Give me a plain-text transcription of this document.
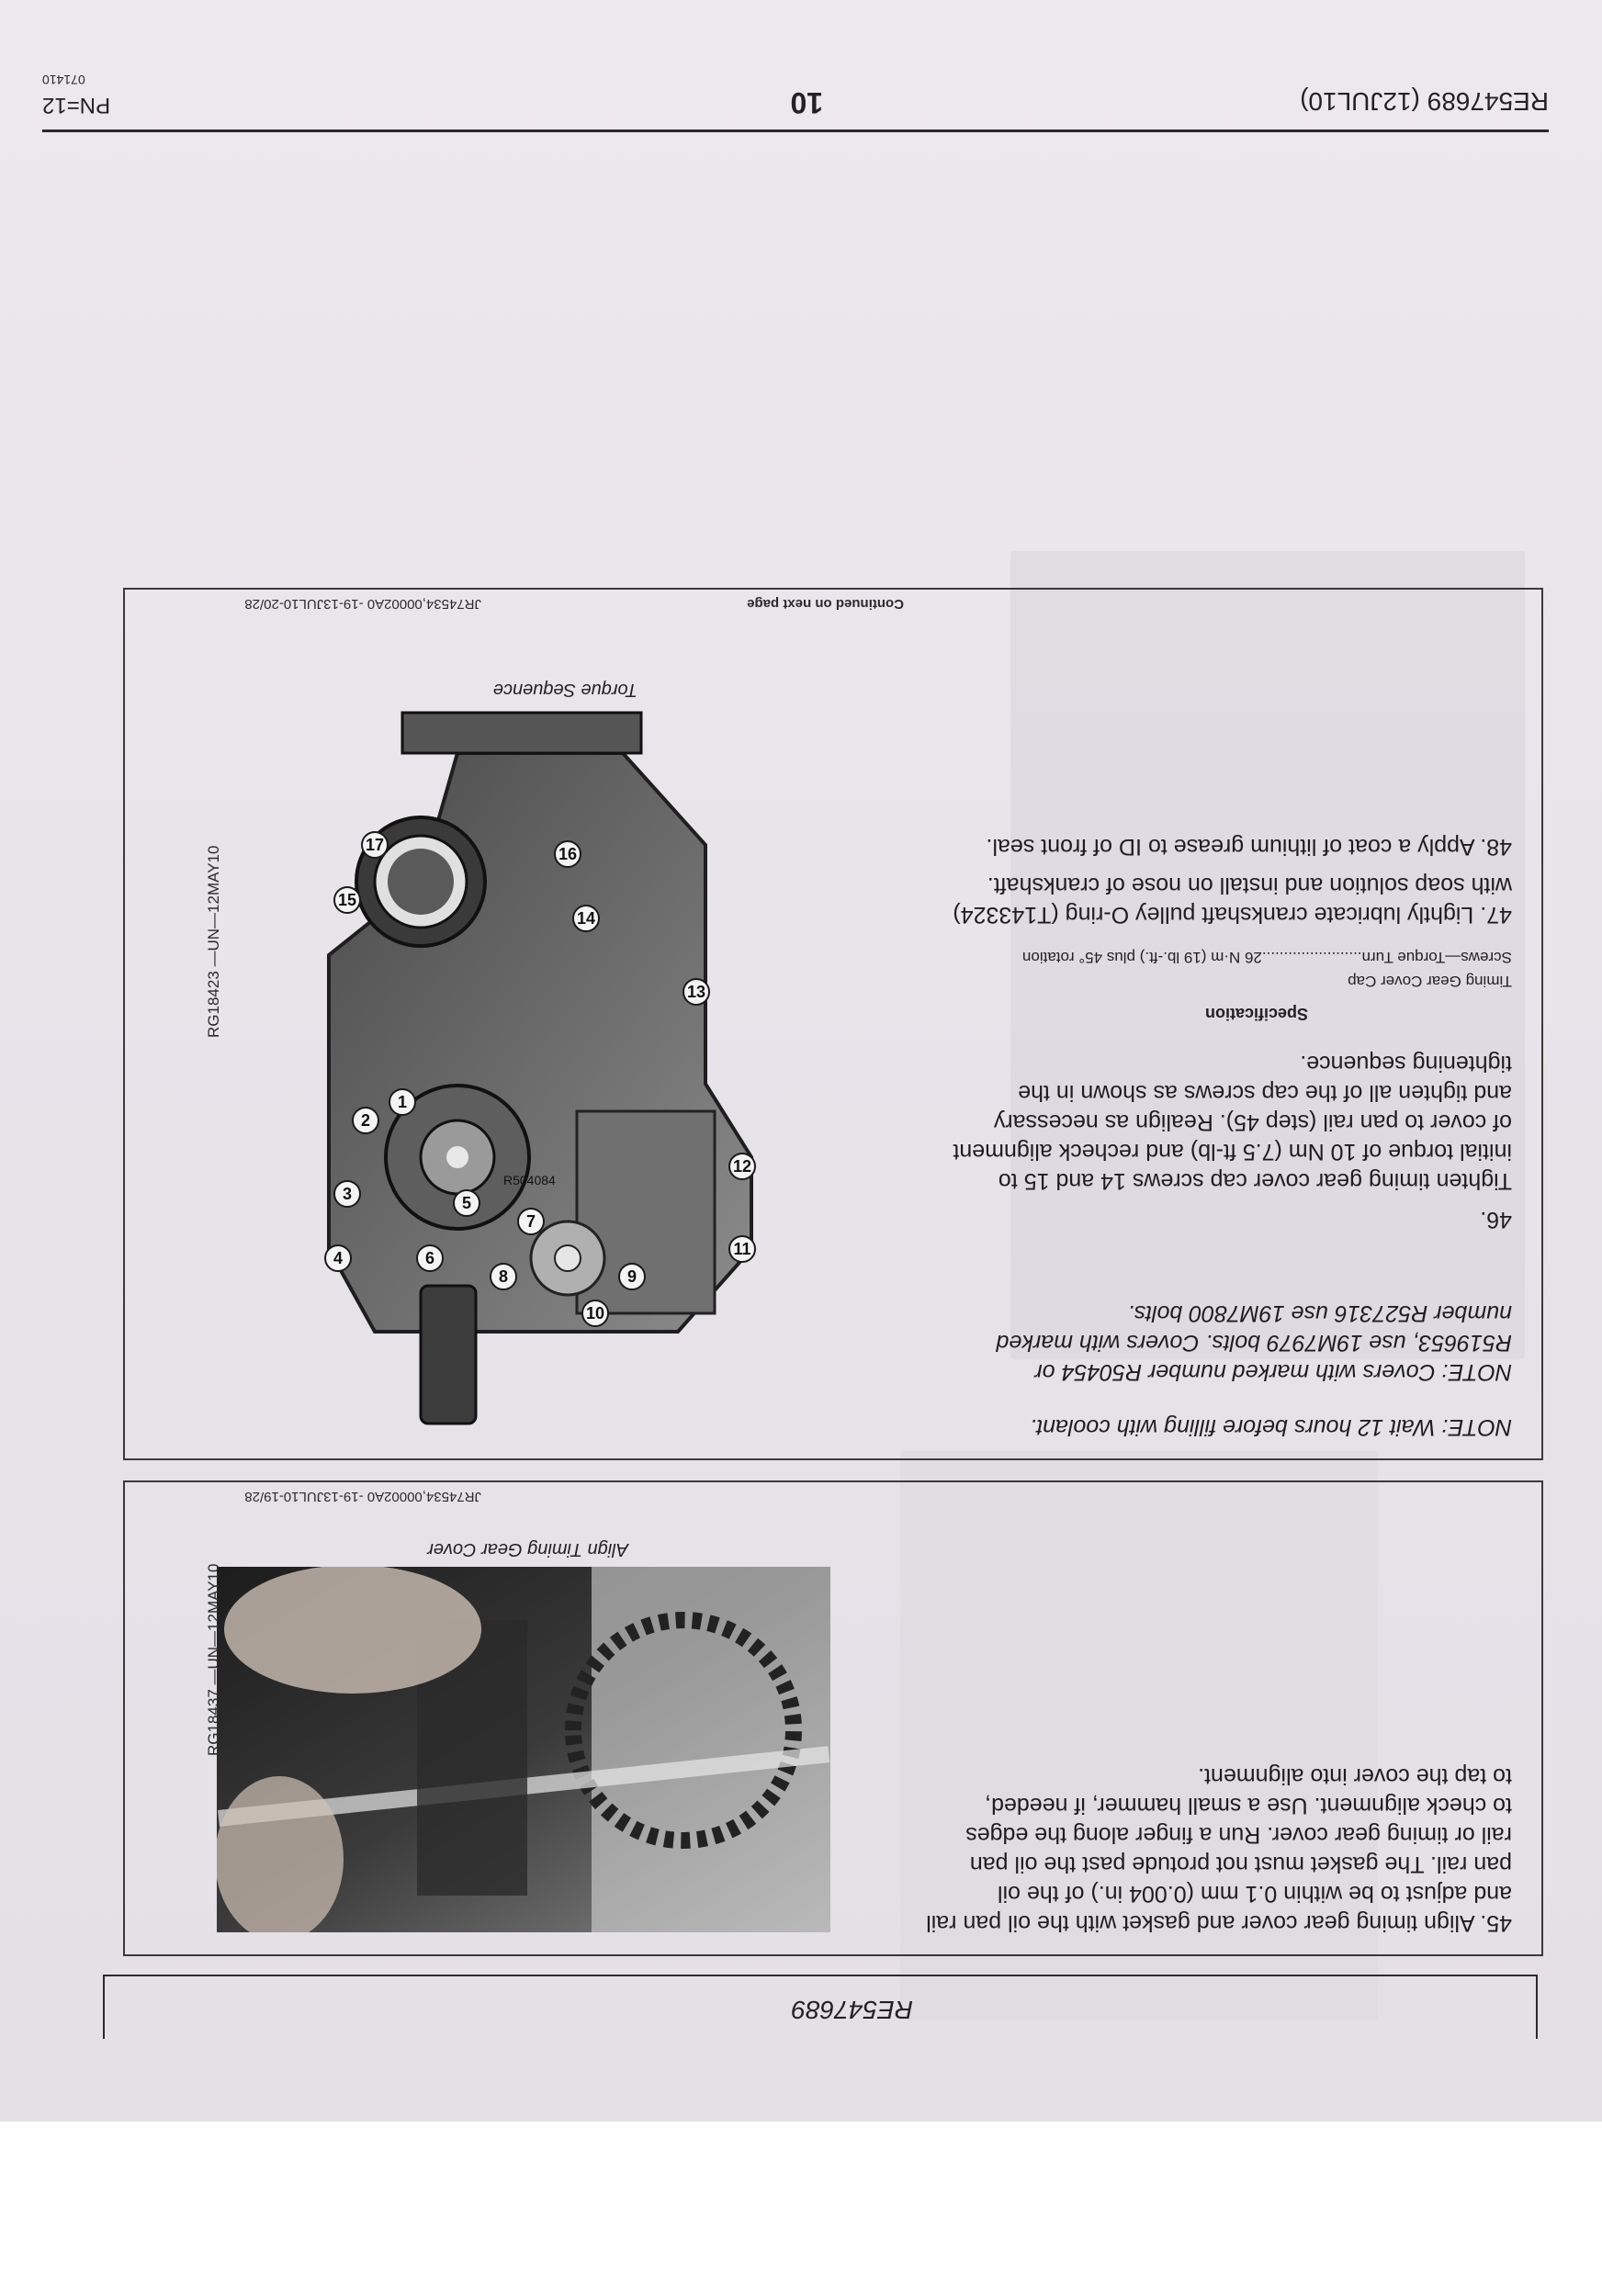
RE547689 (12JUL10)
10
PN=12
071410
RE547689
45. Align timing gear cover and gasket with the oil pan rail
and adjust to be within 0.1 mm (0.004 in.) of the oil
pan rail. The gasket must not protude past the oil pan
rail or timing gear cover. Run a finger along the edges
to check alignment. Use a small hammer, if needed,
to tap the cover into alignment.
RG18437 —UN—12MAY10
Align Timing Gear Cover
JR74534,00002A0 -19-13JUL10-19/28
NOTE: Wait 12 hours before filling with coolant.
NOTE: Covers with marked number R50454 or
R519653, use 19M7979 bolts. Covers with marked
number R527316 use 19M7800 bolts.
46.
Tighten timing gear cover cap screws 14 and 15 to
initial torque of 10 Nm (7.5 ft-lb) and recheck alignment
of cover to pan rail (step 45). Realign as necessary
and tighten all of the cap screws as shown in the
tightening sequence.
Specification
Timing Gear Cover Cap
Screws—Torque Turn.......................26 N·m (19 lb.-ft.) plus 45° rotation
47. Lightly lubricate crankshaft pulley O-ring (T143324)
with soap solution and install on nose of crankshaft.
48. Apply a coat of lithium grease to ID of front seal.
R504084
1
2
3
4
5
6
7
8	9
10
11
12
13
14
15
16
17
RG18423 —UN—12MAY10
Torque Sequence
Continued on next page
JR74534,00002A0 -19-13JUL10-20/28
